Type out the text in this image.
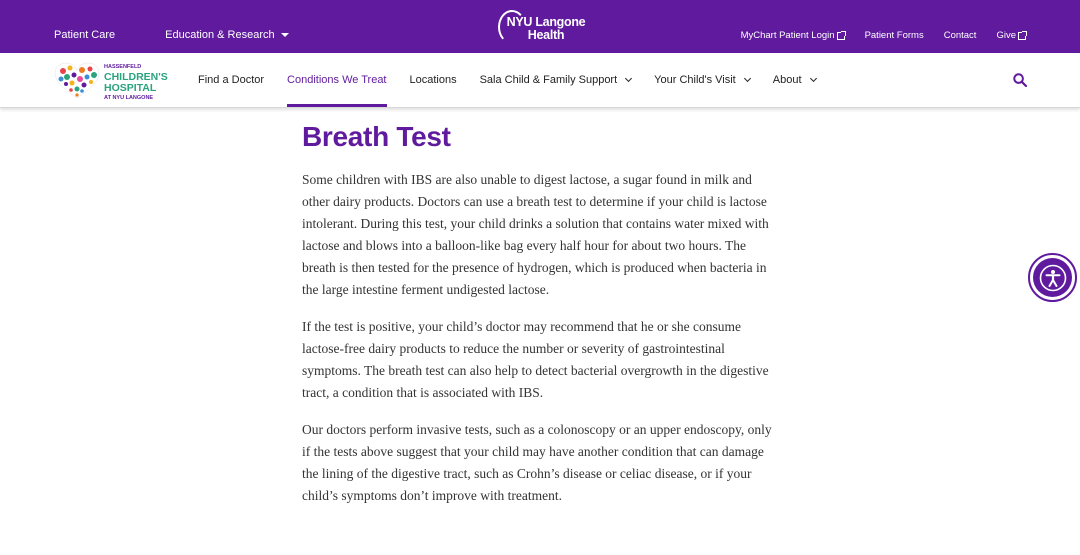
Patient Care	Education & Research
NYU Langone
Health	MyChart Patient Login	Patient Forms Contact Give
HASSENFELD
CHILDREN'S
HOSPITAL
AT NYU LANGONE
Find a Doctor Conditions We Treat Locations Sala Child & Family Support	Your Child's Visit	About
Breath Test

Some children with IBS are also unable to digest lactose, a sugar found in milk and other dairy products. Doctors can use a breath test to determine if your child is lactose intolerant. During this test, your child drinks a solution that contains water mixed with lactose and blows into a balloon-like bag every half hour for about two hours. The breath is then tested for the presence of hydrogen, which is produced when bacteria in the large intestine ferment undigested lactose.

If the test is positive, your child’s doctor may recommend that he or she consume lactose-free dairy products to reduce the number or severity of gastrointestinal symptoms. The breath test can also help to detect bacterial overgrowth in the digestive tract, a condition that is associated with IBS.

Our doctors perform invasive tests, such as a colonoscopy or an upper endoscopy, only if the tests above suggest that your child may have another condition that can damage the lining of the digestive tract, such as Crohn’s disease or celiac disease, or if your child’s symptoms don’t improve with treatment.
